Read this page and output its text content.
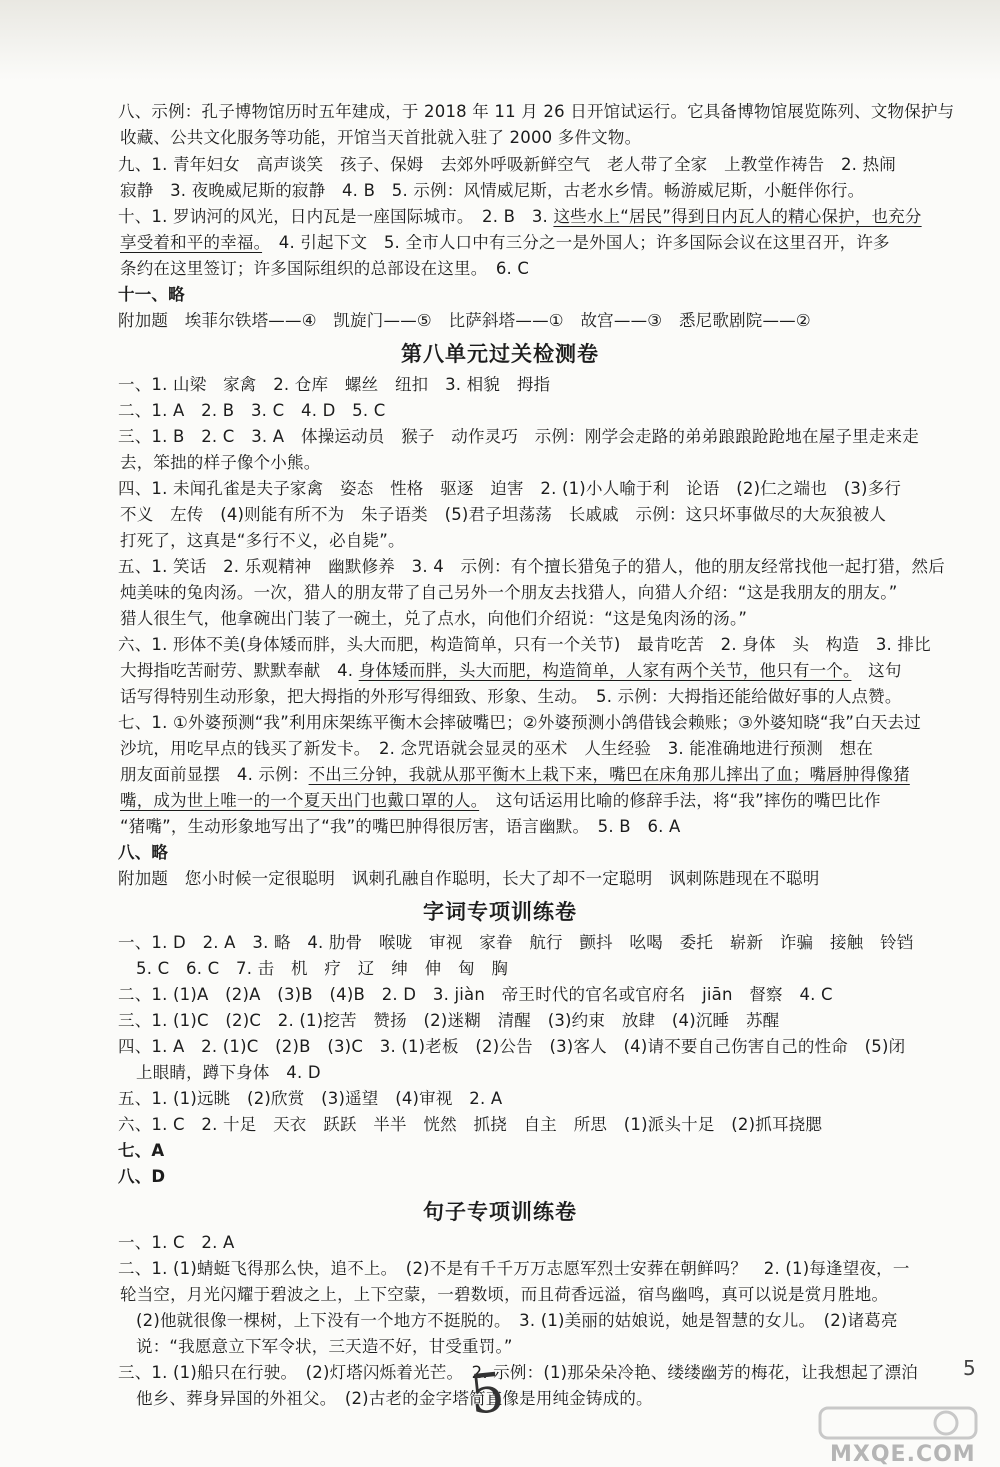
八、示例：孔子博物馆历时五年建成，于 2018 年 11 月 26 日开馆试运行。它具备博物馆展览陈列、文物保护与
收藏、公共文化服务等功能，开馆当天首批就入驻了 2000 多件文物。
九、1. 青年妇女　高声谈笑　孩子、保姆　去郊外呼吸新鲜空气　老人带了全家　上教堂作祷告　2. 热闹
寂静　3. 夜晚威尼斯的寂静　4. B　5. 示例：风情威尼斯，古老水乡情。畅游威尼斯，小艇伴你行。
十、1. 罗讷河的风光，日内瓦是一座国际城市。　2. B　3. 这些水上“居民”得到日内瓦人的精心保护，也充分
享受着和平的幸福。　4. 引起下文　5. 全市人口中有三分之一是外国人；许多国际会议在这里召开，许多
条约在这里签订；许多国际组织的总部设在这里。　6. C
十一、略
附加题　埃菲尔铁塔——④　凯旋门——⑤　比萨斜塔——①　故宫——③　悉尼歌剧院——②
第八单元过关检测卷
一、1. 山梁　家禽　2. 仓库　螺丝　纽扣　3. 相貌　拇指
二、1. A　2. B　3. C　4. D　5. C
三、1. B　2. C　3. A　体操运动员　猴子　动作灵巧　示例：刚学会走路的弟弟踉踉跄跄地在屋子里走来走
去，笨拙的样子像个小熊。
四、1. 未闻孔雀是夫子家禽　姿态　性格　驱逐　迫害　2. (1)小人喻于利　论语　(2)仁之端也　(3)多行
不义　左传　(4)则能有所不为　朱子语类　(5)君子坦荡荡　长戚戚　示例：这只坏事做尽的大灰狼被人
打死了，这真是“多行不义，必自毙”。
五、1. 笑话　2. 乐观精神　幽默修养　3. 4　示例：有个擅长猎兔子的猎人，他的朋友经常找他一起打猎，然后
炖美味的兔肉汤。一次，猎人的朋友带了自己另外一个朋友去找猎人，向猎人介绍：“这是我朋友的朋友。”
猎人很生气，他拿碗出门装了一碗土，兑了点水，向他们介绍说：“这是兔肉汤的汤。”
六、1. 形体不美(身体矮而胖，头大而肥，构造简单，只有一个关节)　最肯吃苦　2. 身体　头　构造　3. 排比
大拇指吃苦耐劳、默默奉献　4. 身体矮而胖，头大而肥，构造简单，人家有两个关节，他只有一个。　这句
话写得特别生动形象，把大拇指的外形写得细致、形象、生动。　5. 示例：大拇指还能给做好事的人点赞。
七、1. ①外婆预测“我”利用床架练平衡木会摔破嘴巴；②外婆预测小鸽借钱会赖账；③外婆知晓“我”白天去过
沙坑，用吃早点的钱买了新发卡。　2. 念咒语就会显灵的巫术　人生经验　3. 能准确地进行预测　想在
朋友面前显摆　4. 示例：不出三分钟，我就从那平衡木上栽下来，嘴巴在床角那儿摔出了血；嘴唇肿得像猪
嘴，成为世上唯一的一个夏天出门也戴口罩的人。　这句话运用比喻的修辞手法，将“我”摔伤的嘴巴比作
“猪嘴”，生动形象地写出了“我”的嘴巴肿得很厉害，语言幽默。　5. B　6. A
八、略
附加题　您小时候一定很聪明　讽刺孔融自作聪明，长大了却不一定聪明　讽刺陈韪现在不聪明
字词专项训练卷
一、1. D　2. A　3. 略　4. 肋骨　喉咙　审视　家眷　航行　颤抖　吆喝　委托　崭新　诈骗　接触　铃铛
5. C　6. C　7. 击　机　疗　辽　绅　伸　匈　胸
二、1. (1)A　(2)A　(3)B　(4)B　2. D　3. jiàn　帝王时代的官名或官府名　jiān　督察　4. C
三、1. (1)C　(2)C　2. (1)挖苦　赞扬　(2)迷糊　清醒　(3)约束　放肆　(4)沉睡　苏醒
四、1. A　2. (1)C　(2)B　(3)C　3. (1)老板　(2)公告　(3)客人　(4)请不要自己伤害自己的性命　(5)闭
上眼睛，蹲下身体　4. D
五、1. (1)远眺　(2)欣赏　(3)遥望　(4)审视　2. A
六、1. C　2. 十足　天衣　跃跃　半半　恍然　抓挠　自主　所思　(1)派头十足　(2)抓耳挠腮
七、A
八、D
句子专项训练卷
一、1. C　2. A
二、1. (1)蜻蜓飞得那么快，追不上。　(2)不是有千千万万志愿军烈士安葬在朝鲜吗？　2. (1)每逢望夜，一
轮当空，月光闪耀于碧波之上，上下空蒙，一碧数顷，而且荷香远溢，宿鸟幽鸣，真可以说是赏月胜地。
(2)他就很像一棵树，上下没有一个地方不挺脱的。　3. (1)美丽的姑娘说，她是智慧的女儿。　(2)诸葛亮
说：“我愿意立下军令状，三天造不好，甘受重罚。”
三、1. (1)船只在行驶。　(2)灯塔闪烁着光芒。　2. 示例：(1)那朵朵冷艳、缕缕幽芳的梅花，让我想起了漂泊
他乡、葬身异国的外祖父。　(2)古老的金字塔简直像是用纯金铸成的。
5	5
MXQE.COM
